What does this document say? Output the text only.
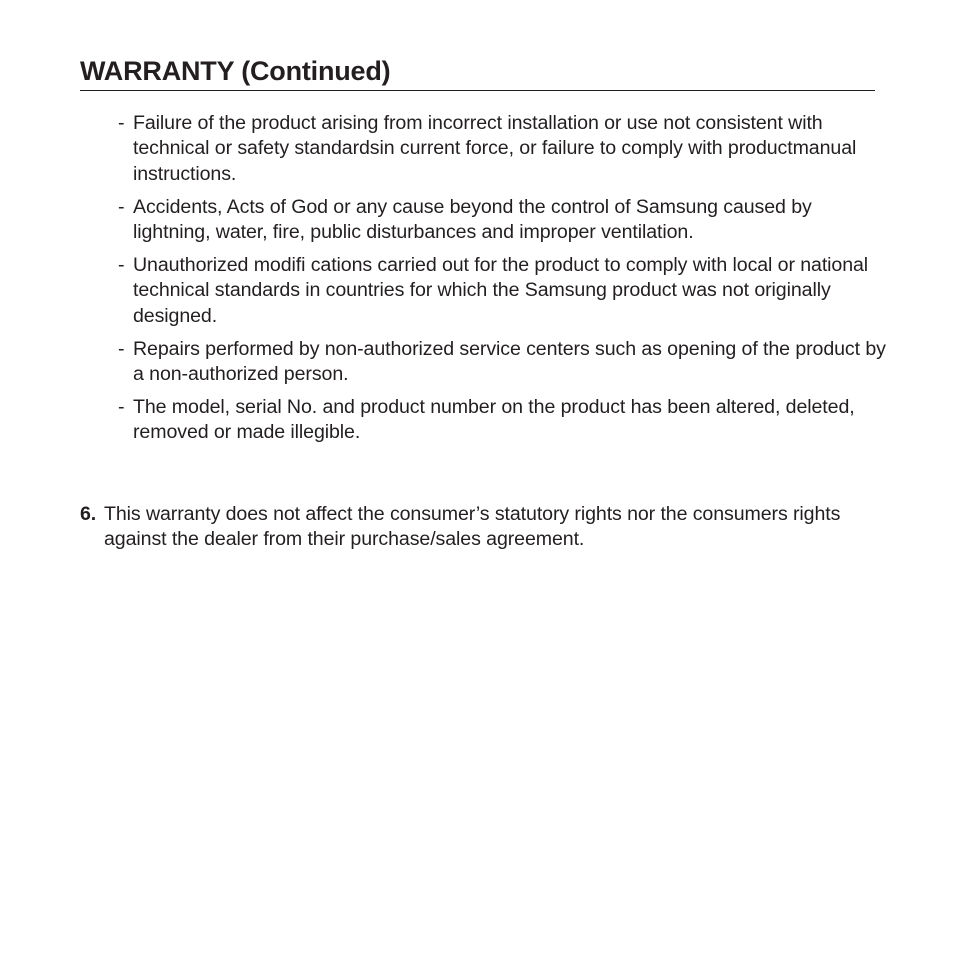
WARRANTY (Continued)
- Failure of the product arising from incorrect installation or use not consistent with technical or safety standardsin current force, or failure to comply with productmanual instructions.
- Accidents, Acts of God or any cause beyond the control of Samsung caused by lightning, water, fire, public disturbances and improper ventilation.
- Unauthorized modifi cations carried out for the product to comply with local or national technical standards in countries for which the Samsung product was not originally designed.
- Repairs performed by non-authorized service centers such as opening of the product by a non-authorized person.
- The model, serial No. and product number on the product has been altered, deleted, removed or made illegible.
6. This warranty does not affect the consumer’s statutory rights nor the consumers rights against the dealer from their purchase/sales agreement.
